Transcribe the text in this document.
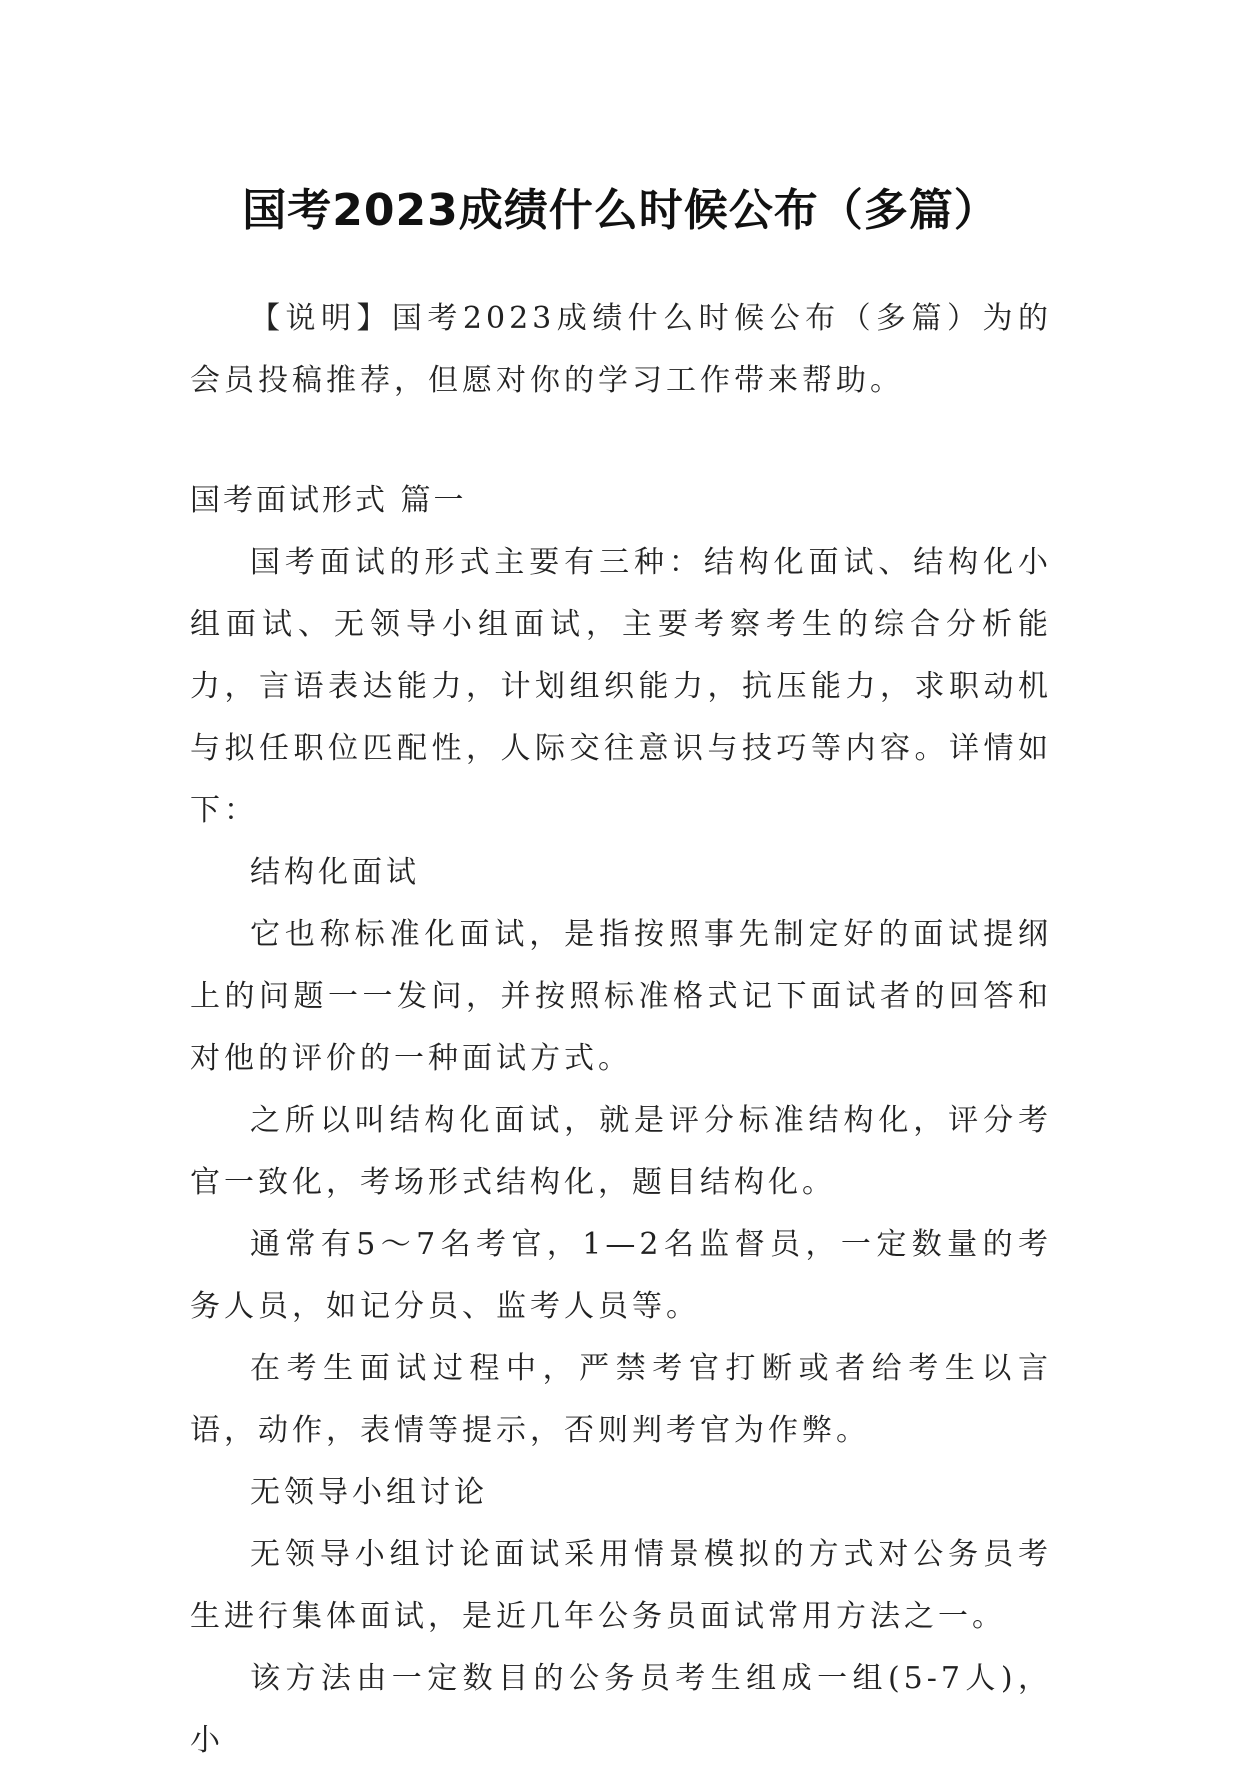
国考2023成绩什么时候公布（多篇）

【说明】国考2023成绩什么时候公布（多篇）为的会员投稿推荐，但愿对你的学习工作带来帮助。

国考面试形式 篇一

国考面试的形式主要有三种：结构化面试、结构化小组面试、无领导小组面试，主要考察考生的综合分析能力，言语表达能力，计划组织能力，抗压能力，求职动机与拟任职位匹配性，人际交往意识与技巧等内容。详情如下：

结构化面试

它也称标准化面试，是指按照事先制定好的面试提纲上的问题一一发问，并按照标准格式记下面试者的回答和对他的评价的一种面试方式。

之所以叫结构化面试，就是评分标准结构化，评分考官一致化，考场形式结构化，题目结构化。

通常有5～7名考官，1—2名监督员，一定数量的考务人员，如记分员、监考人员等。

在考生面试过程中，严禁考官打断或者给考生以言语，动作，表情等提示，否则判考官为作弊。

无领导小组讨论

无领导小组讨论面试采用情景模拟的方式对公务员考生进行集体面试，是近几年公务员面试常用方法之一。

该方法由一定数目的公务员考生组成一组(5-7人)，小
